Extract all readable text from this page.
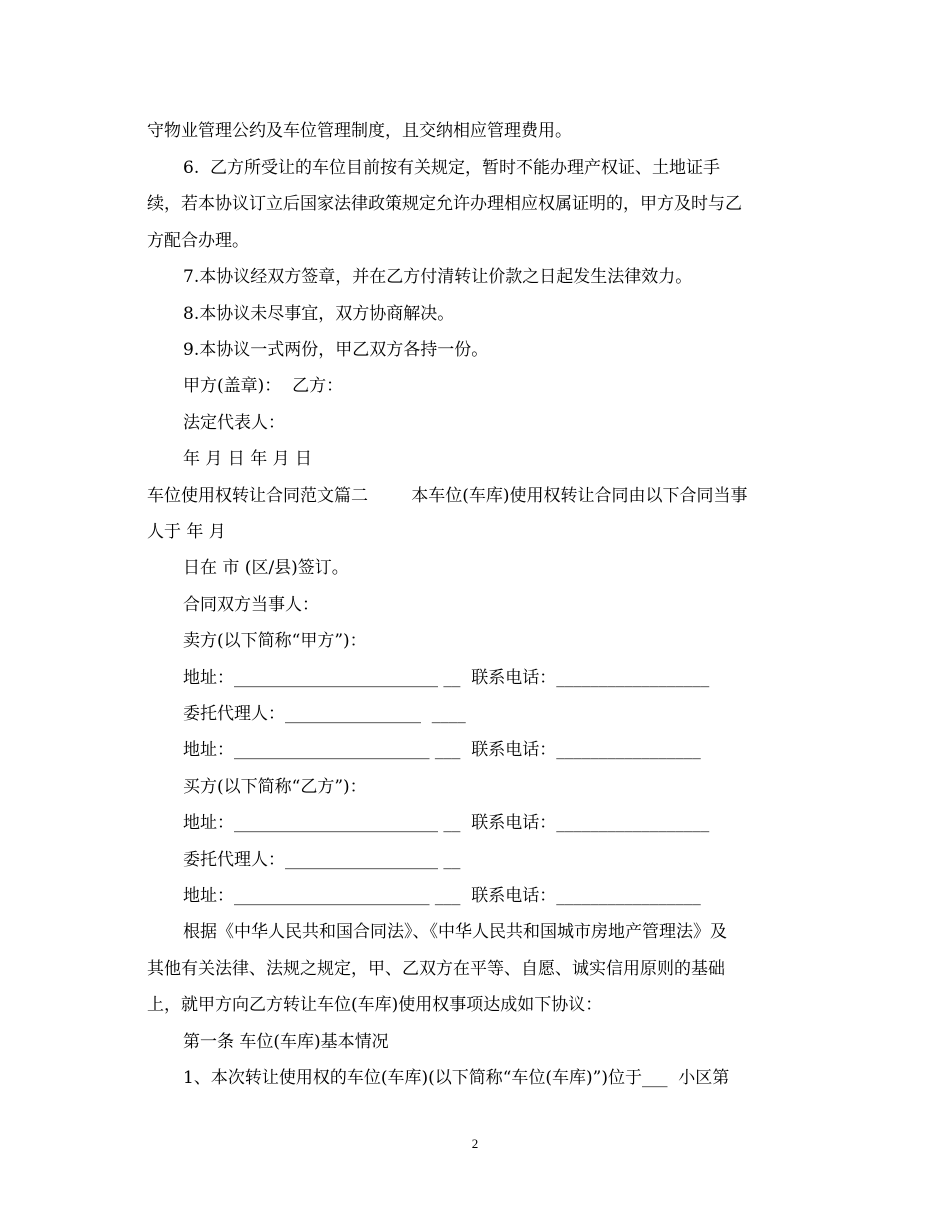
守物业管理公约及车位管理制度，且交纳相应管理费用。
6.  乙方所受让的车位目前按有关规定，暂时不能办理产权证、土地证手
续，若本协议订立后国家法律政策规定允许办理相应权属证明的，甲方及时与乙
方配合办理。
7.本协议经双方签章，并在乙方付清转让价款之日起发生法律效力。
8.本协议未尽事宜，双方协商解决。
9.本协议一式两份，甲乙双方各持一份。
甲方(盖章)：  乙方：
法定代表人：
年 月 日 年 月 日
车位使用权转让合同范文篇二        本车位(车库)使用权转让合同由以下合同当事
人于 年 月
日在 市 (区/县)签订。
合同双方当事人：
卖方(以下简称“甲方”)：
地址：________________________ __  联系电话：__________________
委托代理人：________________  ____
地址：_______________________ ___  联系电话：_________________
买方(以下简称“乙方”)：
地址：________________________ __  联系电话：__________________
委托代理人：__________________ __
地址：_______________________ ___  联系电话：_________________
根据《中华人民共和国合同法》、《中华人民共和国城市房地产管理法》及
其他有关法律、法规之规定，甲、乙双方在平等、自愿、诚实信用原则的基础
上，就甲方向乙方转让车位(车库)使用权事项达成如下协议：
第一条 车位(车库)基本情况
1、本次转让使用权的车位(车库)(以下简称“车位(车库)”)位于___  小区第
2
